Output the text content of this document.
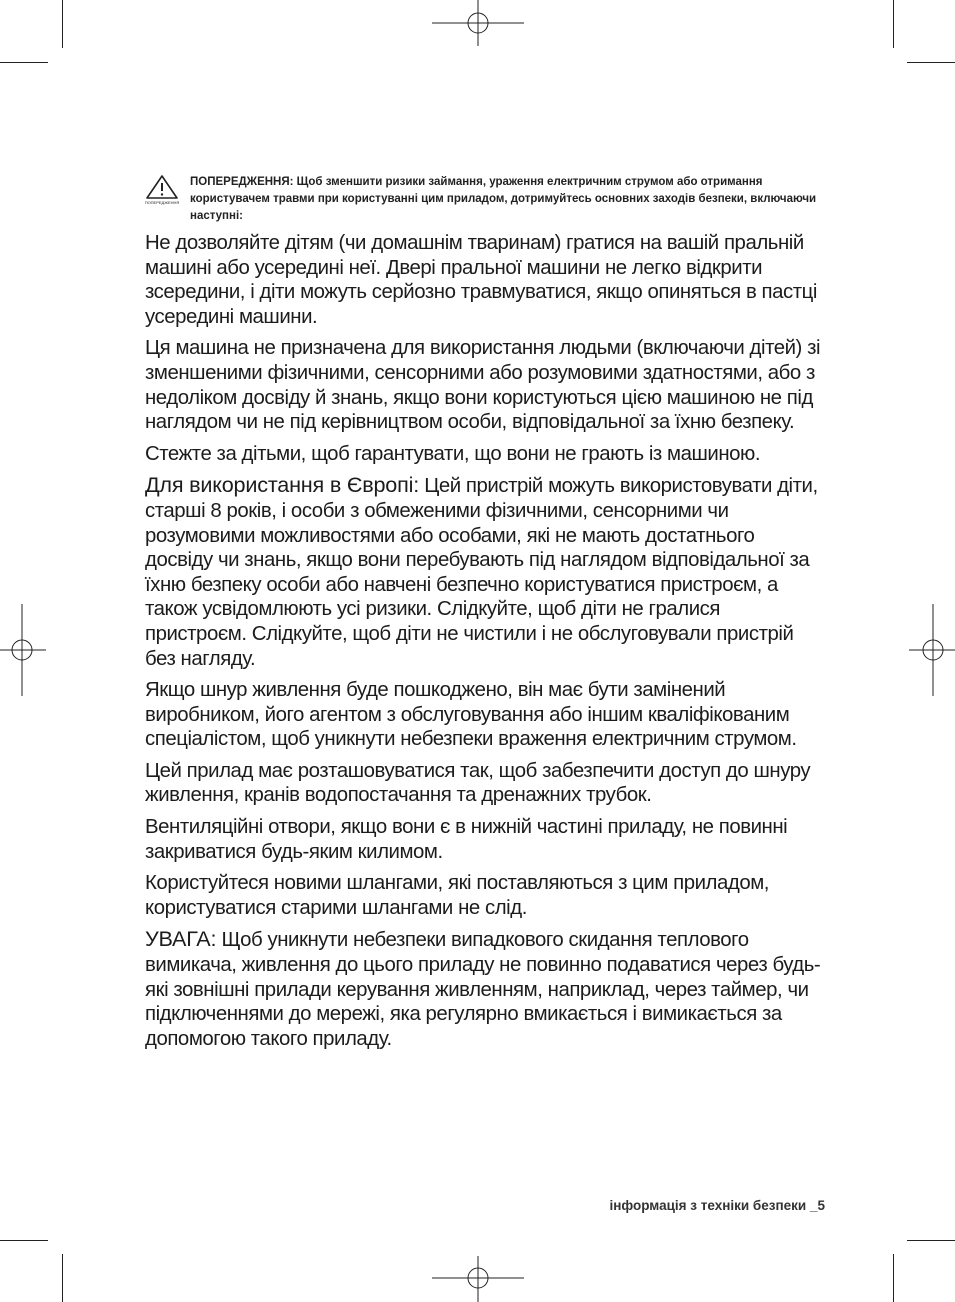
ПОПЕРЕДЖЕННЯ
ПОПЕРЕДЖЕННЯ: Щоб зменшити ризики займання, ураження електричним струмом або отримання користувачем травми при користуванні цим приладом, дотримуйтесь основних заходів безпеки, включаючи наступні:

Не дозволяйте дітям (чи домашнім тваринам) гратися на вашій пральній машині або усередині неї. Двері пральної машини не легко відкрити зсередини, і діти можуть серйозно травмуватися, якщо опиняться в пастці усередині машини.

Ця машина не призначена для використання людьми (включаючи дітей) зі зменшеними фізичними, сенсорними або розумовими здатностями, або з недоліком досвіду й знань, якщо вони користуються цією машиною не під наглядом чи не під керівництвом особи, відповідальної за їхню безпеку.

Стежте за дітьми, щоб гарантувати, що вони не грають із машиною.

Для використання в Європі: Цей пристрій можуть використовувати діти, старші 8 років, і особи з обмеженими фізичними, сенсорними чи розумовими можливостями або особами, які не мають достатнього досвіду чи знань, якщо вони перебувають під наглядом відповідальної за їхню безпеку особи або навчені безпечно користуватися пристроєм, а також усвідомлюють усі ризики. Слідкуйте, щоб діти не гралися пристроєм. Слідкуйте, щоб діти не чистили і не обслуговували пристрій без нагляду.

Якщо шнур живлення буде пошкоджено, він має бути замінений виробником, його агентом з обслуговування або іншим кваліфікованим спеціалістом, щоб уникнути небезпеки враження електричним струмом.

Цей прилад має розташовуватися так, щоб забезпечити доступ до шнуру живлення, кранів водопостачання та дренажних трубок.

Вентиляційні отвори, якщо вони є в нижній частині приладу, не повинні закриватися будь-яким килимом.

Користуйтеся новими шлангами, які поставляються з цим приладом, користуватися старими шлангами не слід.

УВАГА: Щоб уникнути небезпеки випадкового скидання теплового вимикача, живлення до цього приладу не повинно подаватися через будь-які зовнішні прилади керування живленням, наприклад, через таймер, чи підключеннями до мережі, яка регулярно вмикається і вимикається за допомогою такого приладу.

інформація з техніки безпеки _5
